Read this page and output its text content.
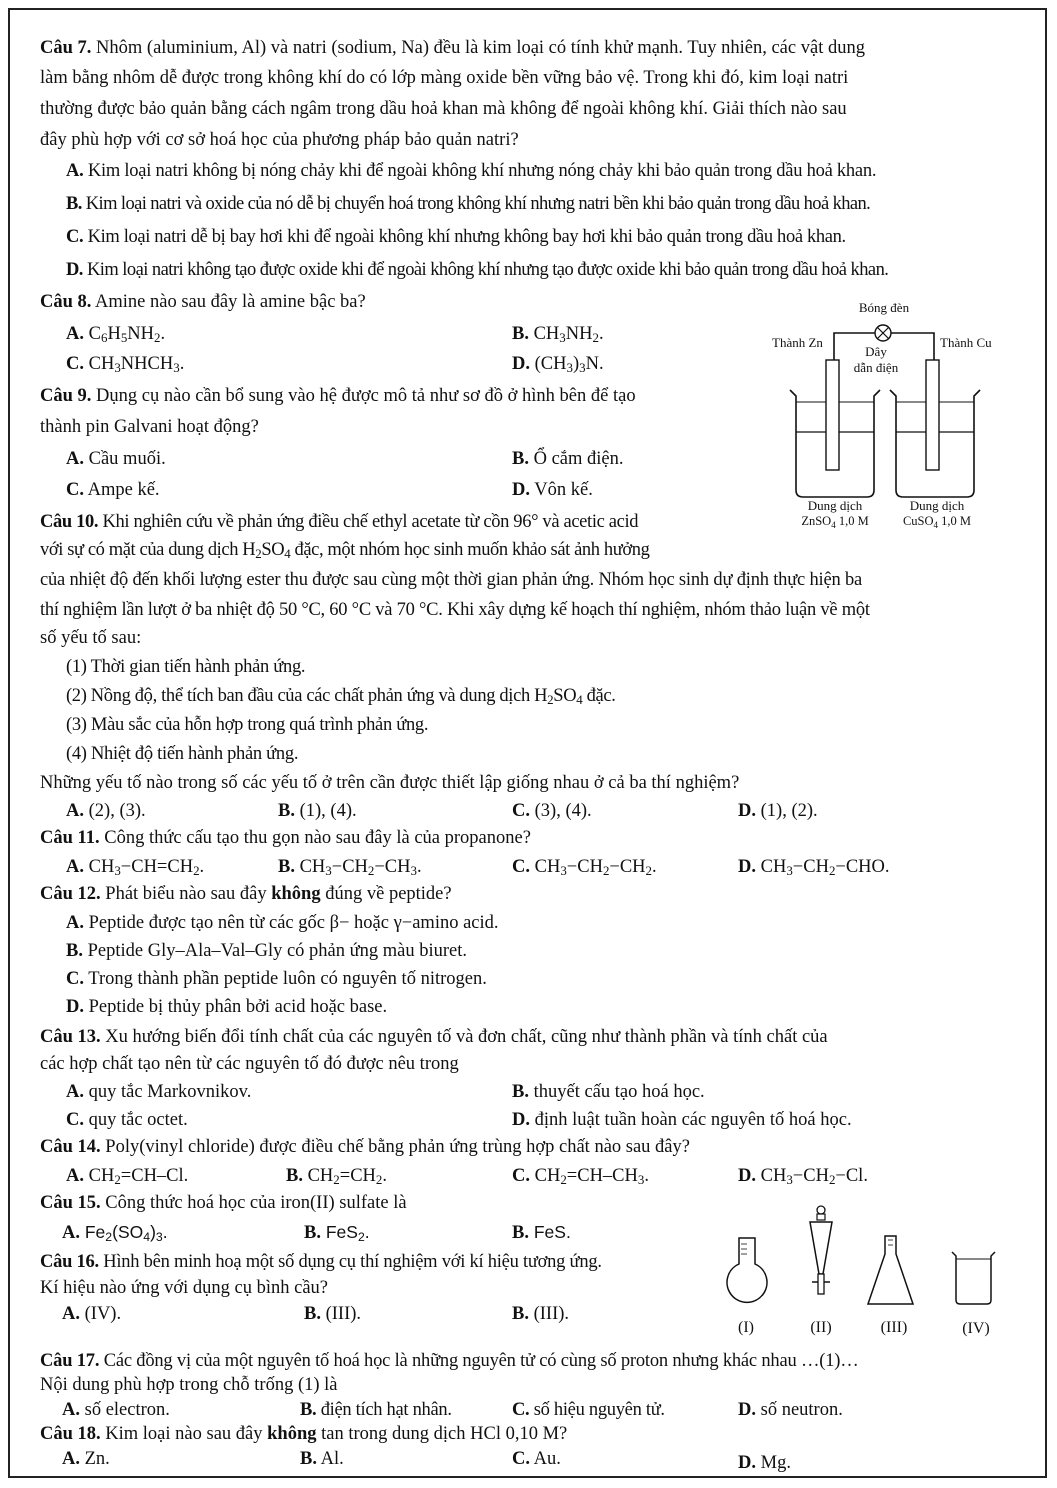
Câu 7. Nhôm (aluminium, Al) và natri (sodium, Na) đều là kim loại có tính khử mạnh. Tuy nhiên, các vật dung
làm bằng nhôm dễ được trong không khí do có lớp màng oxide bền vững bảo vệ. Trong khi đó, kim loại natri
thường được bảo quản bằng cách ngâm trong dầu hoả khan mà không để ngoài không khí. Giải thích nào sau
đây phù hợp với cơ sở hoá học của phương pháp bảo quản natri?
A. Kim loại natri không bị nóng chảy khi để ngoài không khí nhưng nóng chảy khi bảo quản trong dầu hoả khan.
B. Kim loại natri và oxide của nó dễ bị chuyển hoá trong không khí nhưng natri bền khi bảo quản trong dầu hoả khan.
C. Kim loại natri dễ bị bay hơi khi để ngoài không khí nhưng không bay hơi khi bảo quản trong dầu hoả khan.
D. Kim loại natri không tạo được oxide khi để ngoài không khí nhưng tạo được oxide khi bảo quản trong dầu hoả khan.
Câu 8. Amine nào sau đây là amine bậc ba?
A. $C_6H_5NH_2$.	B. $CH_3NH_2$.
C. $CH_3NHCH_3$.	D. $(CH_3)_3N$.
Câu 9. Dụng cụ nào cần bổ sung vào hệ được mô tả như sơ đồ ở hình bên để tạo
thành pin Galvani hoạt động?
A. Cầu muối.	B. Ổ cắm điện.
C. Ampe kế.	D. Vôn kế.
Bóng đèn
Thành Zn	Thành Cu
Dây
dẫn điện
Dung dịch
ZnSO$_4$ 1,0 M
Dung dịch
CuSO$_4$ 1,0 M
Câu 10. Khi nghiên cứu về phản ứng điều chế ethyl acetate từ cồn 96° và acetic acid
với sự có mặt của dung dịch $H_2SO_4$ đặc, một nhóm học sinh muốn khảo sát ảnh hưởng
của nhiệt độ đến khối lượng ester thu được sau cùng một thời gian phản ứng. Nhóm học sinh dự định thực hiện ba
thí nghiệm lần lượt ở ba nhiệt độ 50 °C, 60 °C và 70 °C. Khi xây dựng kế hoạch thí nghiệm, nhóm thảo luận về một
số yếu tố sau:
(1) Thời gian tiến hành phản ứng.
(2) Nồng độ, thể tích ban đầu của các chất phản ứng và dung dịch $H_2SO_4$ đặc.
(3) Màu sắc của hỗn hợp trong quá trình phản ứng.
(4) Nhiệt độ tiến hành phản ứng.
Những yếu tố nào trong số các yếu tố ở trên cần được thiết lập giống nhau ở cả ba thí nghiệm?
A. (2), (3).	B. (1), (4).	C. (3), (4).	D. (1), (2).
Câu 11. Công thức cấu tạo thu gọn nào sau đây là của propanone?
A. $CH_3-CH=CH_2$.	B. $CH_3-CH_2-CH_3$.	C. $CH_3-CH_2-CH_2$.	D. $CH_3-CH_2-CHO$.
Câu 12. Phát biểu nào sau đây không đúng về peptide?
A. Peptide được tạo nên từ các gốc β− hoặc γ−amino acid.
B. Peptide Gly–Ala–Val–Gly có phản ứng màu biuret.
C. Trong thành phần peptide luôn có nguyên tố nitrogen.
D. Peptide bị thủy phân bởi acid hoặc base.
Câu 13. Xu hướng biến đổi tính chất của các nguyên tố và đơn chất, cũng như thành phần và tính chất của
các hợp chất tạo nên từ các nguyên tố đó được nêu trong
A. quy tắc Markovnikov.	B. thuyết cấu tạo hoá học.
C. quy tắc octet.	D. định luật tuần hoàn các nguyên tố hoá học.
Câu 14. Poly(vinyl chloride) được điều chế bằng phản ứng trùng hợp chất nào sau đây?
A. $CH_2=CH-Cl$.	B. $CH_2=CH_2$.	C. $CH_2=CH-CH_3$.	D. $CH_3-CH_2-Cl$.
Câu 15. Công thức hoá học của iron(II) sulfate là
A. $Fe_2(SO_4)_3$.	B. FeS$_2$.	B. FeS.
Câu 16. Hình bên minh hoạ một số dụng cụ thí nghiệm với kí hiệu tương ứng.
Kí hiệu nào ứng với dụng cụ bình cầu?
A. (IV).	B. (III).	B. (III).
(I)	(II)	(III)	(IV)
Câu 17. Các đồng vị của một nguyên tố hoá học là những nguyên tử có cùng số proton nhưng khác nhau …(1)…
Nội dung phù hợp trong chỗ trống (1) là
A. số electron.	B. điện tích hạt nhân.	C. số hiệu nguyên tử.	D. số neutron.
Câu 18. Kim loại nào sau đây không tan trong dung dịch HCl 0,10 M?
A. Zn.	B. Al.	C. Au.	D. Mg.
